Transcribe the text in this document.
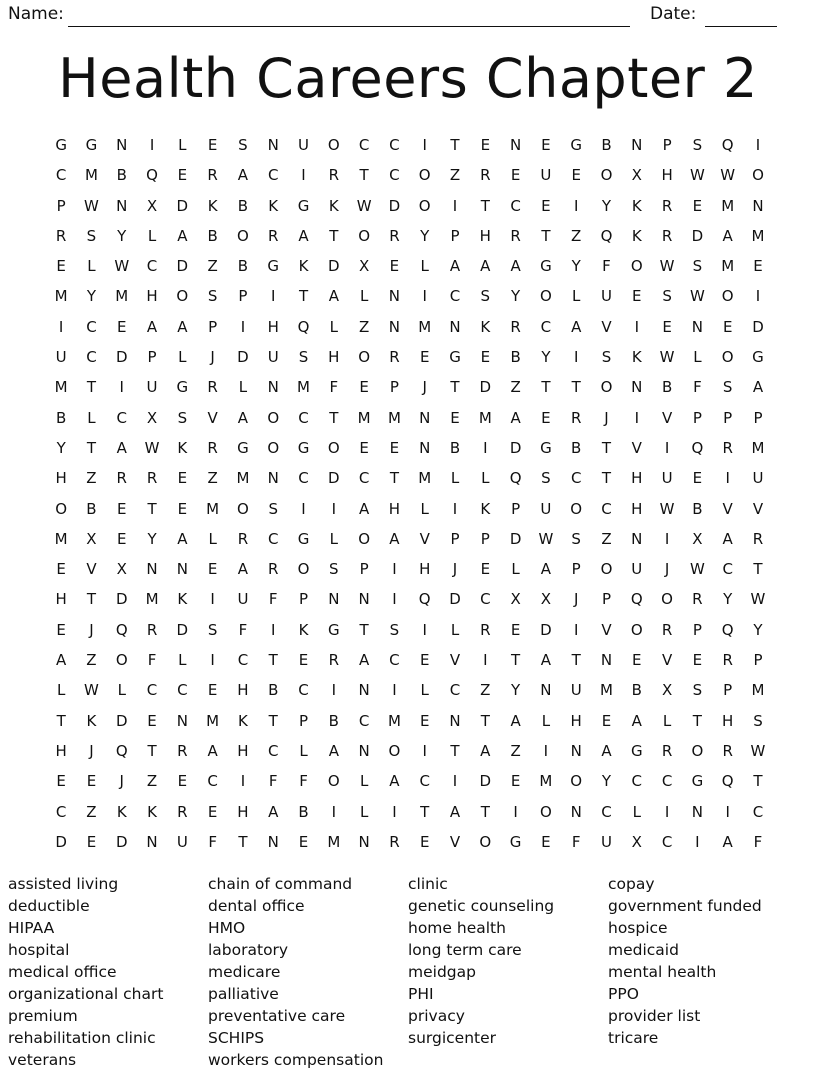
Name:	Date:
Health Careers Chapter 2
G	G	N	I	L	E	S	N	U	O	C	C	I	T	E	N	E	G	B	N	P	S	Q	I
C	M	B	Q	E	R	A	C	I	R	T	C	O	Z	R	E	U	E	O	X	H	W	W	O
P	W	N	X	D	K	B	K	G	K	W	D	O	I	T	C	E	I	Y	K	R	E	M	N
R	S	Y	L	A	B	O	R	A	T	O	R	Y	P	H	R	T	Z	Q	K	R	D	A	M
E	L	W	C	D	Z	B	G	K	D	X	E	L	A	A	A	G	Y	F	O	W	S	M	E
M	Y	M	H	O	S	P	I	T	A	L	N	I	C	S	Y	O	L	U	E	S	W	O	I
I	C	E	A	A	P	I	H	Q	L	Z	N	M	N	K	R	C	A	V	I	E	N	E	D
U	C	D	P	L	J	D	U	S	H	O	R	E	G	E	B	Y	I	S	K	W	L	O	G
M	T	I	U	G	R	L	N	M	F	E	P	J	T	D	Z	T	T	O	N	B	F	S	A
B	L	C	X	S	V	A	O	C	T	M	M	N	E	M	A	E	R	J	I	V	P	P	P
Y	T	A	W	K	R	G	O	G	O	E	E	N	B	I	D	G	B	T	V	I	Q	R	M
H	Z	R	R	E	Z	M	N	C	D	C	T	M	L	L	Q	S	C	T	H	U	E	I	U
O	B	E	T	E	M	O	S	I	I	A	H	L	I	K	P	U	O	C	H	W	B	V	V
M	X	E	Y	A	L	R	C	G	L	O	A	V	P	P	D	W	S	Z	N	I	X	A	R
E	V	X	N	N	E	A	R	O	S	P	I	H	J	E	L	A	P	O	U	J	W	C	T
H	T	D	M	K	I	U	F	P	N	N	I	Q	D	C	X	X	J	P	Q	O	R	Y	W
E	J	Q	R	D	S	F	I	K	G	T	S	I	L	R	E	D	I	V	O	R	P	Q	Y
A	Z	O	F	L	I	C	T	E	R	A	C	E	V	I	T	A	T	N	E	V	E	R	P
L	W	L	C	C	E	H	B	C	I	N	I	L	C	Z	Y	N	U	M	B	X	S	P	M
T	K	D	E	N	M	K	T	P	B	C	M	E	N	T	A	L	H	E	A	L	T	H	S
H	J	Q	T	R	A	H	C	L	A	N	O	I	T	A	Z	I	N	A	G	R	O	R	W
E	E	J	Z	E	C	I	F	F	O	L	A	C	I	D	E	M	O	Y	C	C	G	Q	T
C	Z	K	K	R	E	H	A	B	I	L	I	T	A	T	I	O	N	C	L	I	N	I	C
D	E	D	N	U	F	T	N	E	M	N	R	E	V	O	G	E	F	U	X	C	I	A	F
assisted living	chain of command	clinic	copay
deductible	dental office	genetic counseling	government funded
HIPAA	HMO	home health	hospice
hospital	laboratory	long term care	medicaid
medical office	medicare	meidgap	mental health
organizational chart	palliative	PHI	PPO
premium	preventative care	privacy	provider list
rehabilitation clinic	SCHIPS	surgicenter	tricare
veterans	workers compensation
